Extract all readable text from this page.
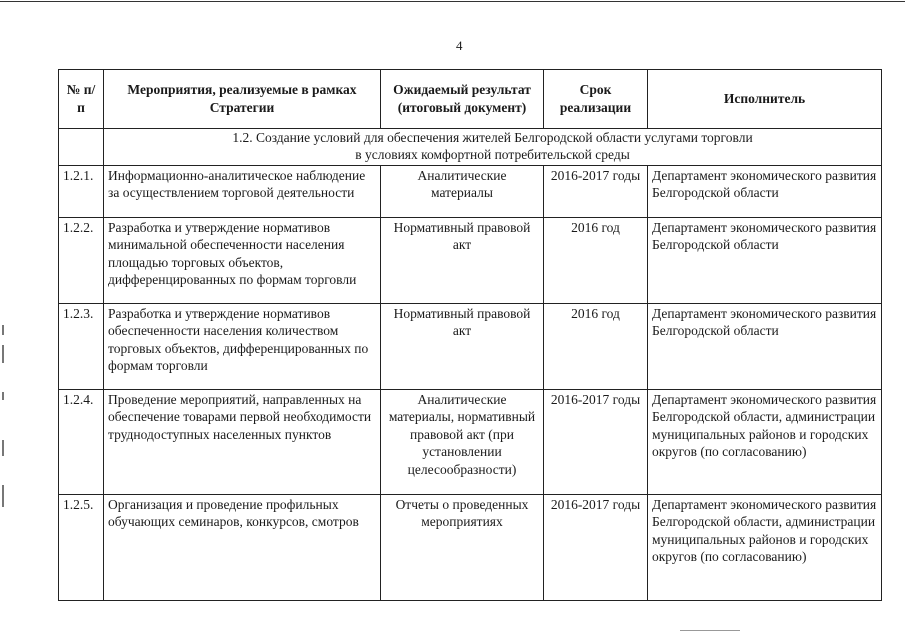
4
№ п/п	Мероприятия, реализуемые в рамках Стратегии	Ожидаемый результат (итоговый документ)	Срок реализации	Исполнитель

	1.2. Создание условий для обеспечения жителей Белгородской области услугами торговли
в условиях комфортной потребительской среды			

1.2.1.	Информационно-аналитическое наблюдение за осуществлением торговой деятельности	Аналитические материалы	2016-2017 годы	Департамент экономического развития Белгородской области
1.2.2.	Разработка и утверждение нормативов минимальной обеспеченности населения площадью торговых объектов, дифференцированных по формам торговли	Нормативный правовой акт	2016 год	Департамент экономического развития Белгородской области
1.2.3.	Разработка и утверждение нормативов обеспеченности населения количеством торговых объектов, дифференцированных по формам торговли	Нормативный правовой акт	2016 год	Департамент экономического развития Белгородской области
1.2.4.	Проведение мероприятий, направленных на обеспечение товарами первой необходимости труднодоступных населенных пунктов	Аналитические материалы, нормативный правовой акт (при установлении целесообразности)	2016-2017 годы	Департамент экономического развития Белгородской области, администрации муниципальных районов и городских округов (по согласованию)
1.2.5.	Организация и проведение профильных обучающих семинаров, конкурсов, смотров	Отчеты о проведенных мероприятиях	2016-2017 годы	Департамент экономического развития Белгородской области, администрации муниципальных районов и городских округов (по согласованию)
